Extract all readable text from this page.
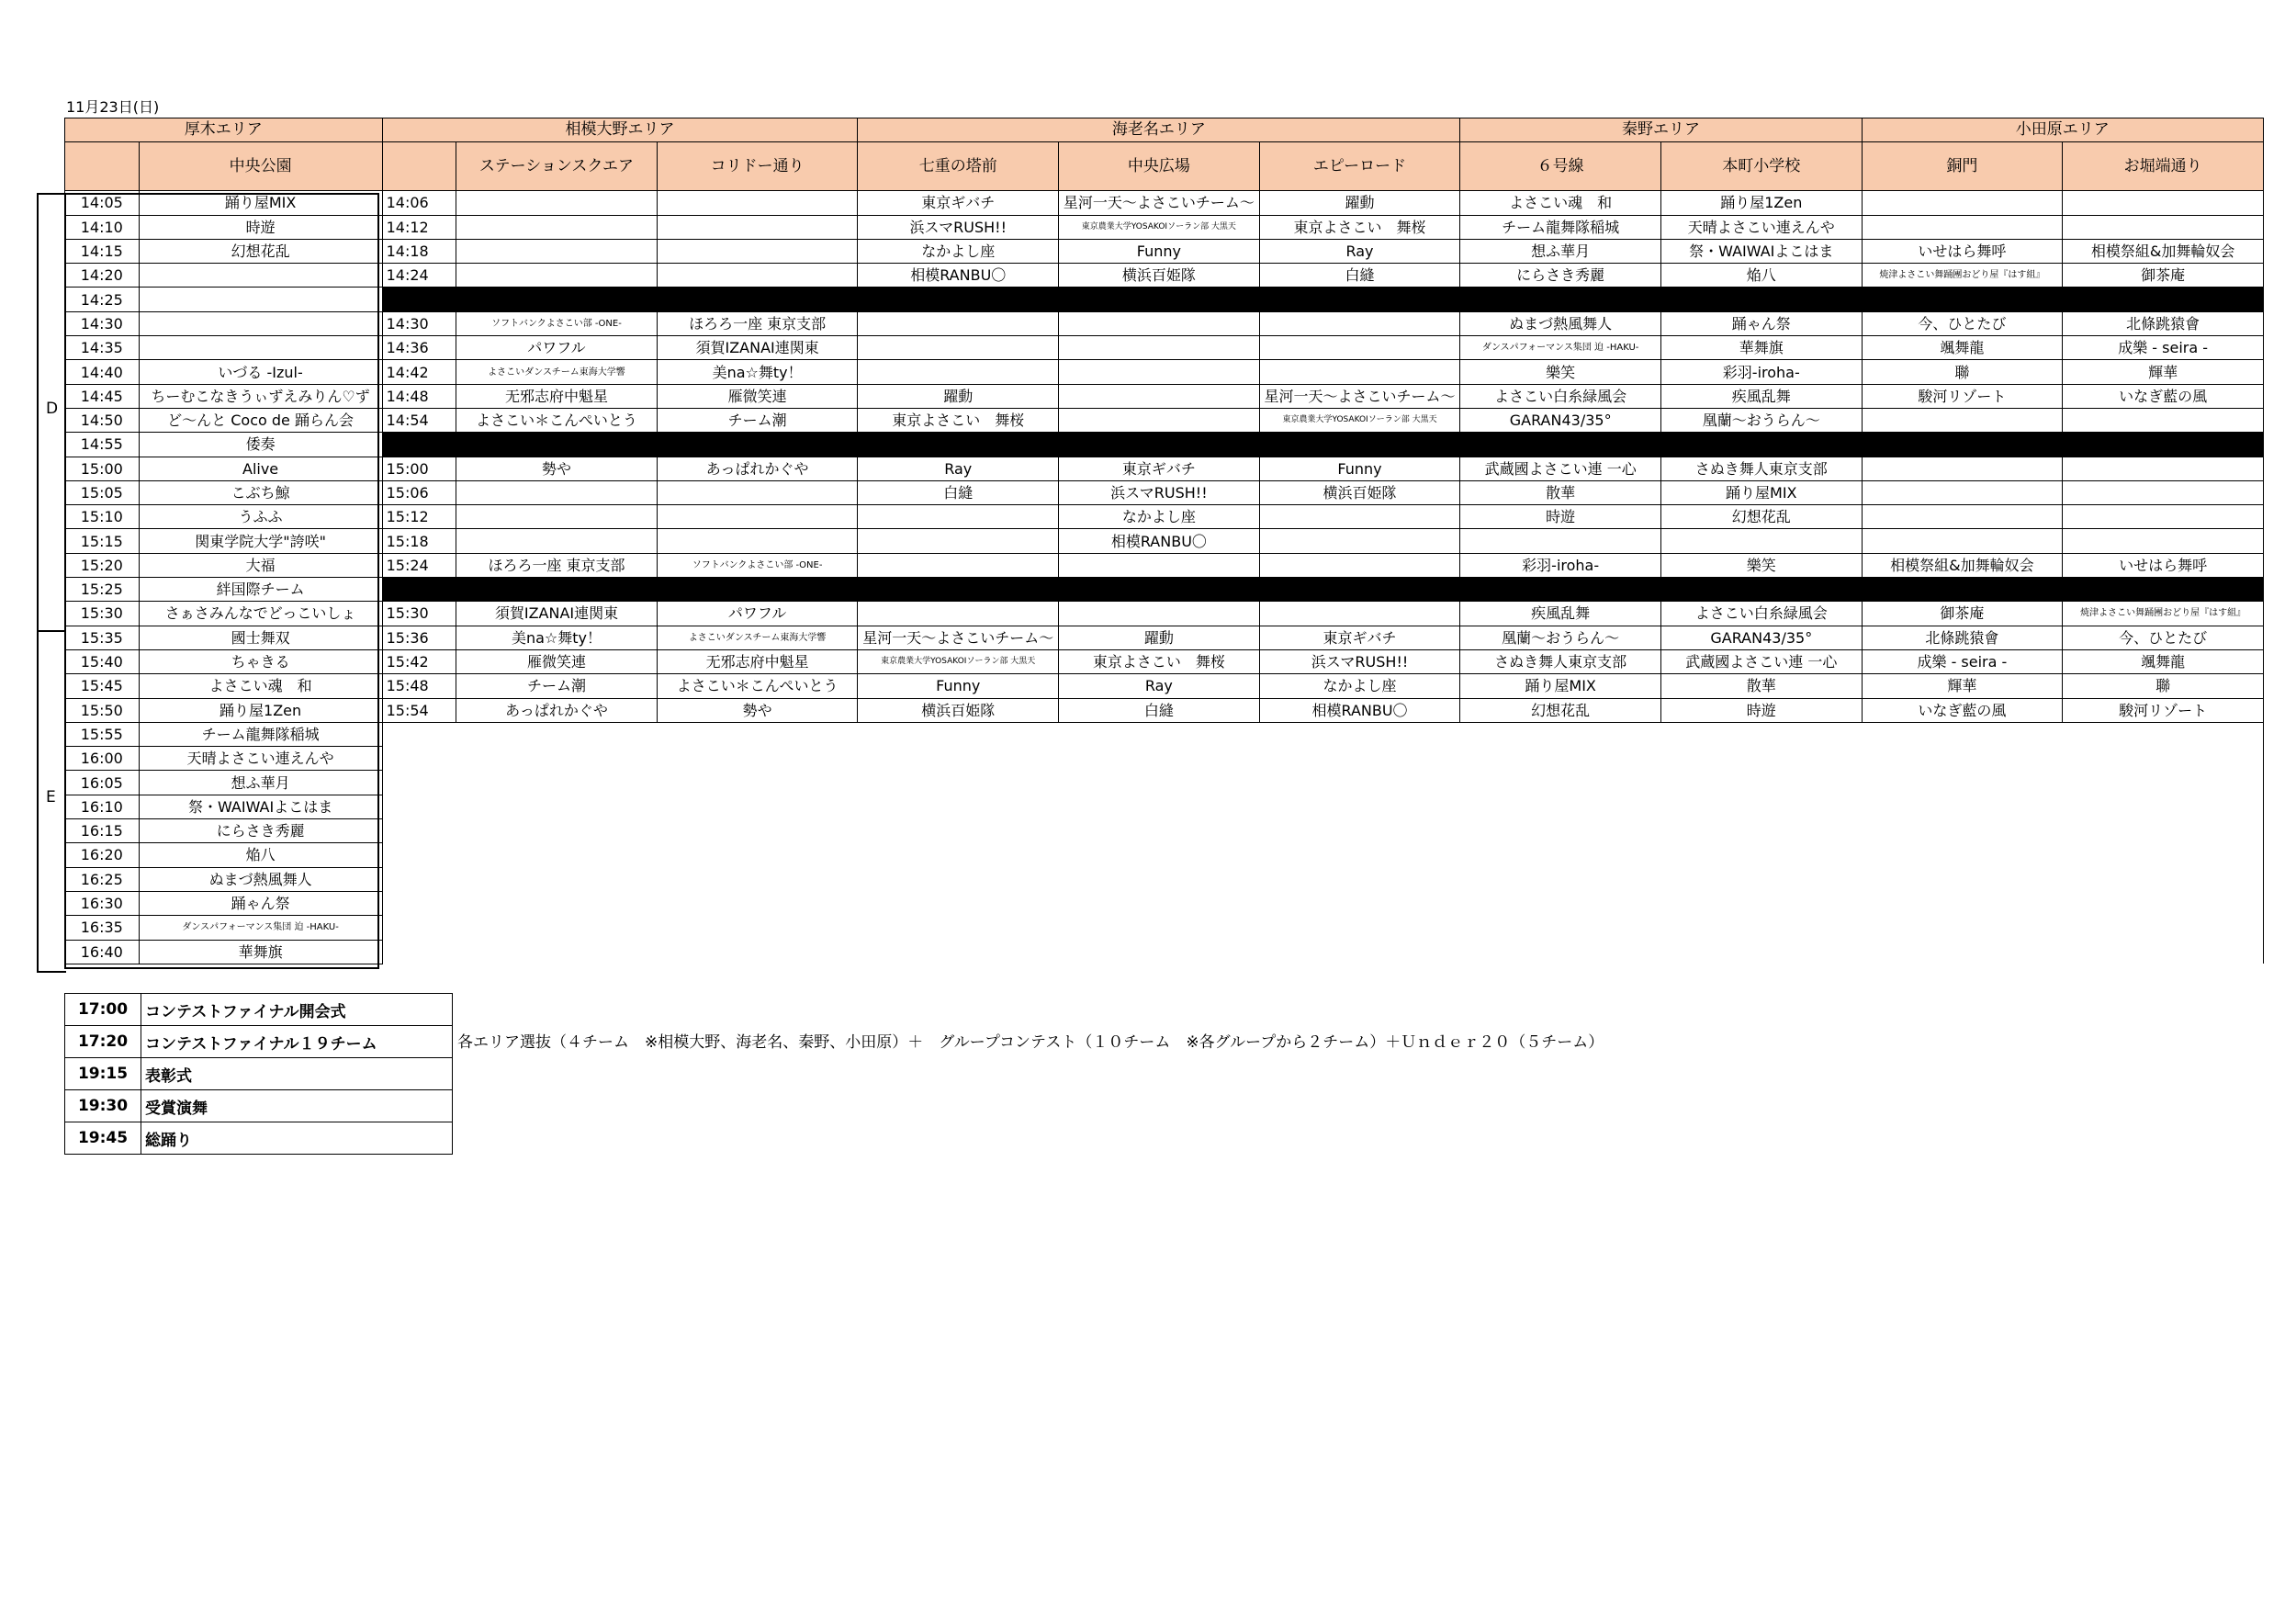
11月23日(日)
厚木エリア		相模大野エリア			海老名エリア			秦野エリア		小田原エリア	
	中央公園		ステーションスクエア	コリドー通り	七重の塔前	中央広場	エピーロード	６号線	本町小学校	銅門	お堀端通り
14:05	踊り屋MIX	14:06			東京ギバチ	星河一天～よさこいチーム～	躍動	よさこい魂　和	踊り屋1Zen		
14:10	時遊	14:12			浜スマRUSH!!	東京農業大学YOSAKOIソーラン部 大黒天	東京よさこい　舞桜	チーム龍舞隊稲城	天晴よさこい連えんや		
14:15	幻想花乱	14:18			なかよし座	Funny	Ray	想ふ華月	祭・WAIWAIよこはま	いせはら舞呼	相模祭組&加舞輪奴会
14:20		14:24			相模RANBU〇	横浜百姫隊	白縫	にらさき秀麗	焔八	焼津よさこい舞踊團おどり屋『はす組』	御茶庵
14:25											
14:30		14:30	ソフトバンクよさこい部 -ONE-	ほろろ一座 東京支部				ぬまづ熱風舞人	踊ゃん祭	今、ひとたび	北條跳猿會
14:35		14:36	パワフル	須賀IZANAI連関東				ダンスパフォーマンス集団 迫 -HAKU-	華舞旗	颯舞龍	成樂 - seira -
14:40	いづる -Izul-	14:42	よさこいダンスチーム東海大学響	美na☆舞ty！				樂笑	彩羽-iroha-	聯	輝華
14:45	ちーむこなきうぃずえみりん♡ず	14:48	无邪志府中魁星	雁微笑連	躍動		星河一天～よさこいチーム～	よさこい白糸緑風会	疾風乱舞	駿河リゾート	いなぎ藍の風
14:50	ど～んと Coco de 踊らん会	14:54	よさこい＊こんぺいとう	チーム潮	東京よさこい　舞桜		東京農業大学YOSAKOIソーラン部 大黒天	GARAN43/35°	凰蘭～おうらん～		
14:55	倭奏										
15:00	Alive	15:00	勢や	あっぱれかぐや	Ray	東京ギバチ	Funny	武蔵國よさこい連 一心	さぬき舞人東京支部		
15:05	こぶち鯨	15:06			白縫	浜スマRUSH!!	横浜百姫隊	散華	踊り屋MIX		
15:10	うふふ	15:12				なかよし座		時遊	幻想花乱		
15:15	関東学院大学"誇咲"	15:18				相模RANBU〇					
15:20	大福	15:24	ほろろ一座 東京支部	ソフトバンクよさこい部 -ONE-				彩羽-iroha-	樂笑	相模祭組&加舞輪奴会	いせはら舞呼
15:25	絆国際チーム										
15:30	さぁさみんなでどっこいしょ	15:30	須賀IZANAI連関東	パワフル				疾風乱舞	よさこい白糸緑風会	御茶庵	焼津よさこい舞踊團おどり屋『はす組』
15:35	國士舞双	15:36	美na☆舞ty！	よさこいダンスチーム東海大学響	星河一天～よさこいチーム～	躍動	東京ギバチ	凰蘭～おうらん～	GARAN43/35°	北條跳猿會	今、ひとたび
15:40	ちゃきる	15:42	雁微笑連	无邪志府中魁星	東京農業大学YOSAKOIソーラン部 大黒天	東京よさこい　舞桜	浜スマRUSH!!	さぬき舞人東京支部	武蔵國よさこい連 一心	成樂 - seira -	颯舞龍
15:45	よさこい魂　和	15:48	チーム潮	よさこい＊こんぺいとう	Funny	Ray	なかよし座	踊り屋MIX	散華	輝華	聯
15:50	踊り屋1Zen	15:54	あっぱれかぐや	勢や	横浜百姫隊	白縫	相模RANBU〇	幻想花乱	時遊	いなぎ藍の風	駿河リゾート
15:55	チーム龍舞隊稲城										
16:00	天晴よさこい連えんや										
16:05	想ふ華月										
16:10	祭・WAIWAIよこはま										
16:15	にらさき秀麗										
16:20	焔八										
16:25	ぬまづ熱風舞人										
16:30	踊ゃん祭										
16:35	ダンスパフォーマンス集団 迫 -HAKU-										
16:40	華舞旗										
D
E
17:00	コンテストファイナル開会式
17:20	コンテストファイナル１９チーム
19:15	表彰式
19:30	受賞演舞
19:45	総踊り
各エリア選抜（４チーム　※相模大野、海老名、秦野、小田原）＋　グループコンテスト（１０チーム　※各グループから２チーム）＋Ｕｎｄｅｒ２０（５チーム）
